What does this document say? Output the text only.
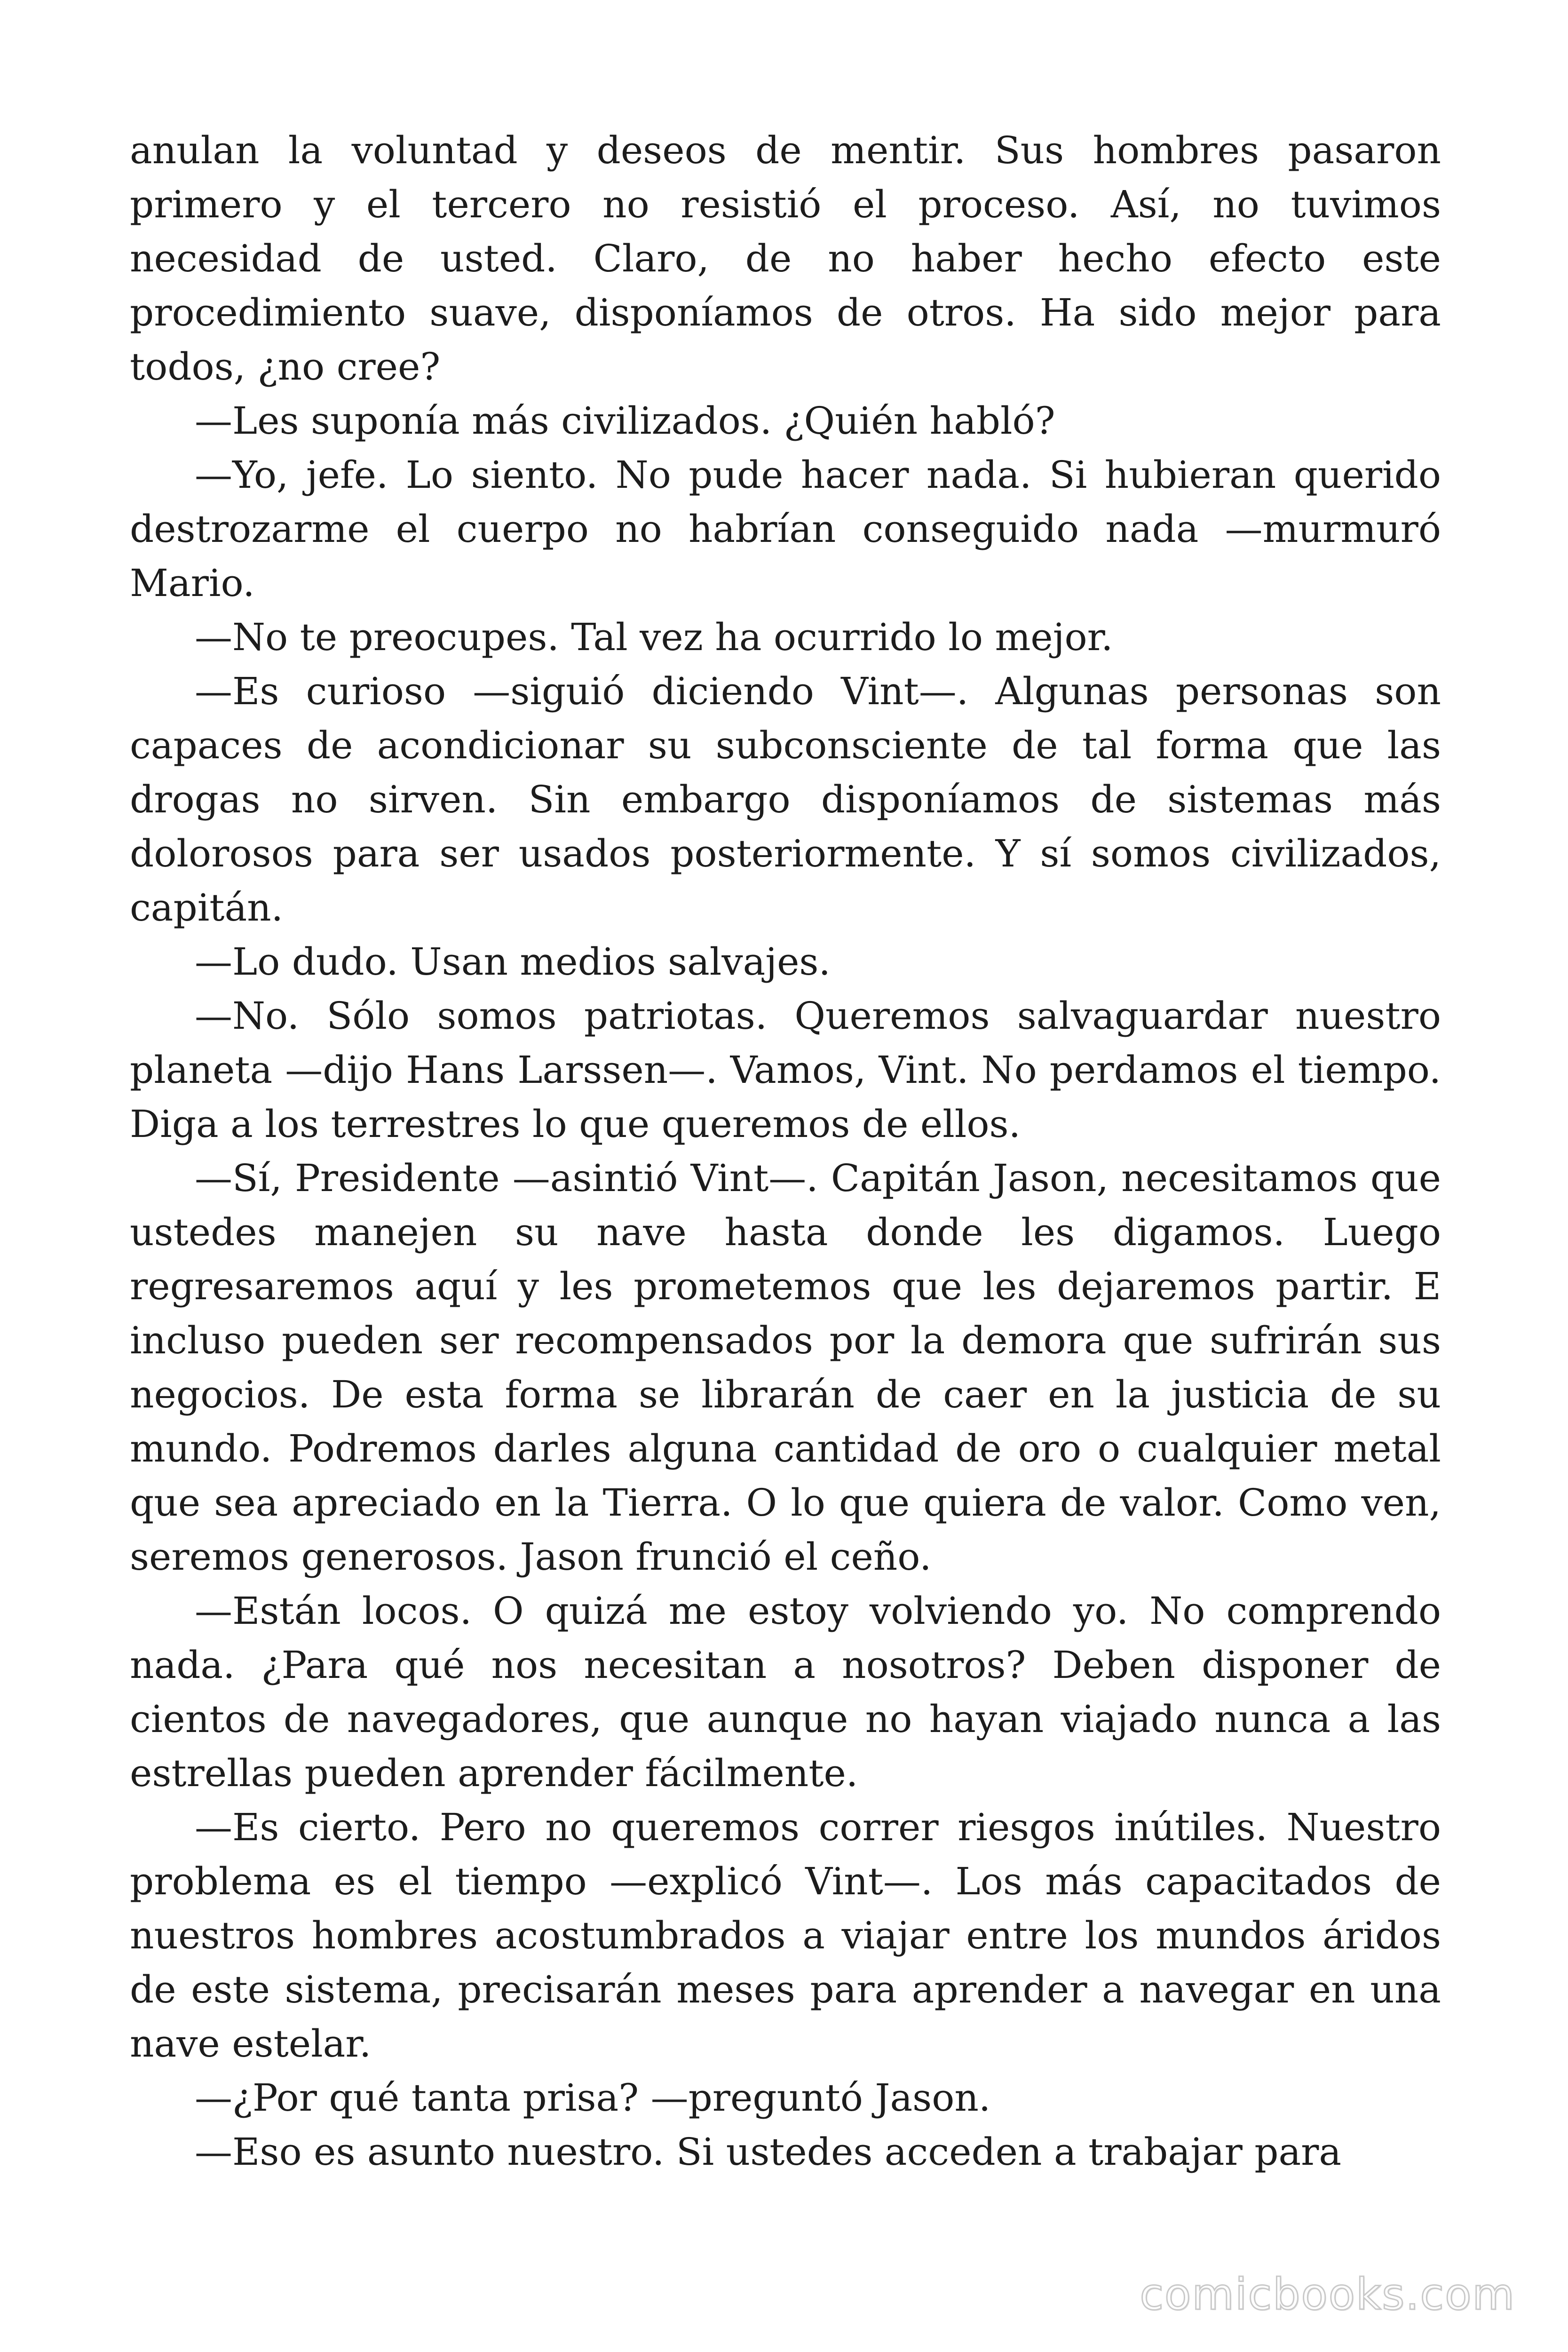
anulan la voluntad y deseos de mentir. Sus hombres pasaron primero y el tercero no resistió el proceso. Así, no tuvimos necesidad de usted. Claro, de no haber hecho efecto este procedimiento suave, disponíamos de otros. Ha sido mejor para todos, ¿no cree?

—Les suponía más civilizados. ¿Quién habló?

—Yo, jefe. Lo siento. No pude hacer nada. Si hubieran querido destrozarme el cuerpo no habrían conseguido nada —murmuró Mario.

—No te preocupes. Tal vez ha ocurrido lo mejor.

—Es curioso —siguió diciendo Vint—. Algunas personas son capaces de acondicionar su subconsciente de tal forma que las drogas no sirven. Sin embargo disponíamos de sistemas más dolorosos para ser usados posteriormente. Y sí somos civilizados, capitán.

—Lo dudo. Usan medios salvajes.

—No. Sólo somos patriotas. Queremos salvaguardar nuestro planeta —dijo Hans Larssen—. Vamos, Vint. No perdamos el tiempo. Diga a los terrestres lo que queremos de ellos.

—Sí, Presidente —asintió Vint—. Capitán Jason, necesitamos que ustedes manejen su nave hasta donde les digamos. Luego regresaremos aquí y les prometemos que les dejaremos partir. E incluso pueden ser recompensados por la demora que sufrirán sus negocios. De esta forma se librarán de caer en la justicia de su mundo. Podremos darles alguna cantidad de oro o cualquier metal que sea apreciado en la Tierra. O lo que quiera de valor. Como ven, seremos generosos. Jason frunció el ceño.

—Están locos. O quizá me estoy volviendo yo. No comprendo nada. ¿Para qué nos necesitan a nosotros? Deben disponer de cientos de navegadores, que aunque no hayan viajado nunca a las estrellas pueden aprender fácilmente.

—Es cierto. Pero no queremos correr riesgos inútiles. Nuestro problema es el tiempo —explicó Vint—. Los más capacitados de nuestros hombres acostumbrados a viajar entre los mundos áridos de este sistema, precisarán meses para aprender a navegar en una nave estelar.

—¿Por qué tanta prisa? —preguntó Jason.

—Eso es asunto nuestro. Si ustedes acceden a trabajar para

comicbooks.com
